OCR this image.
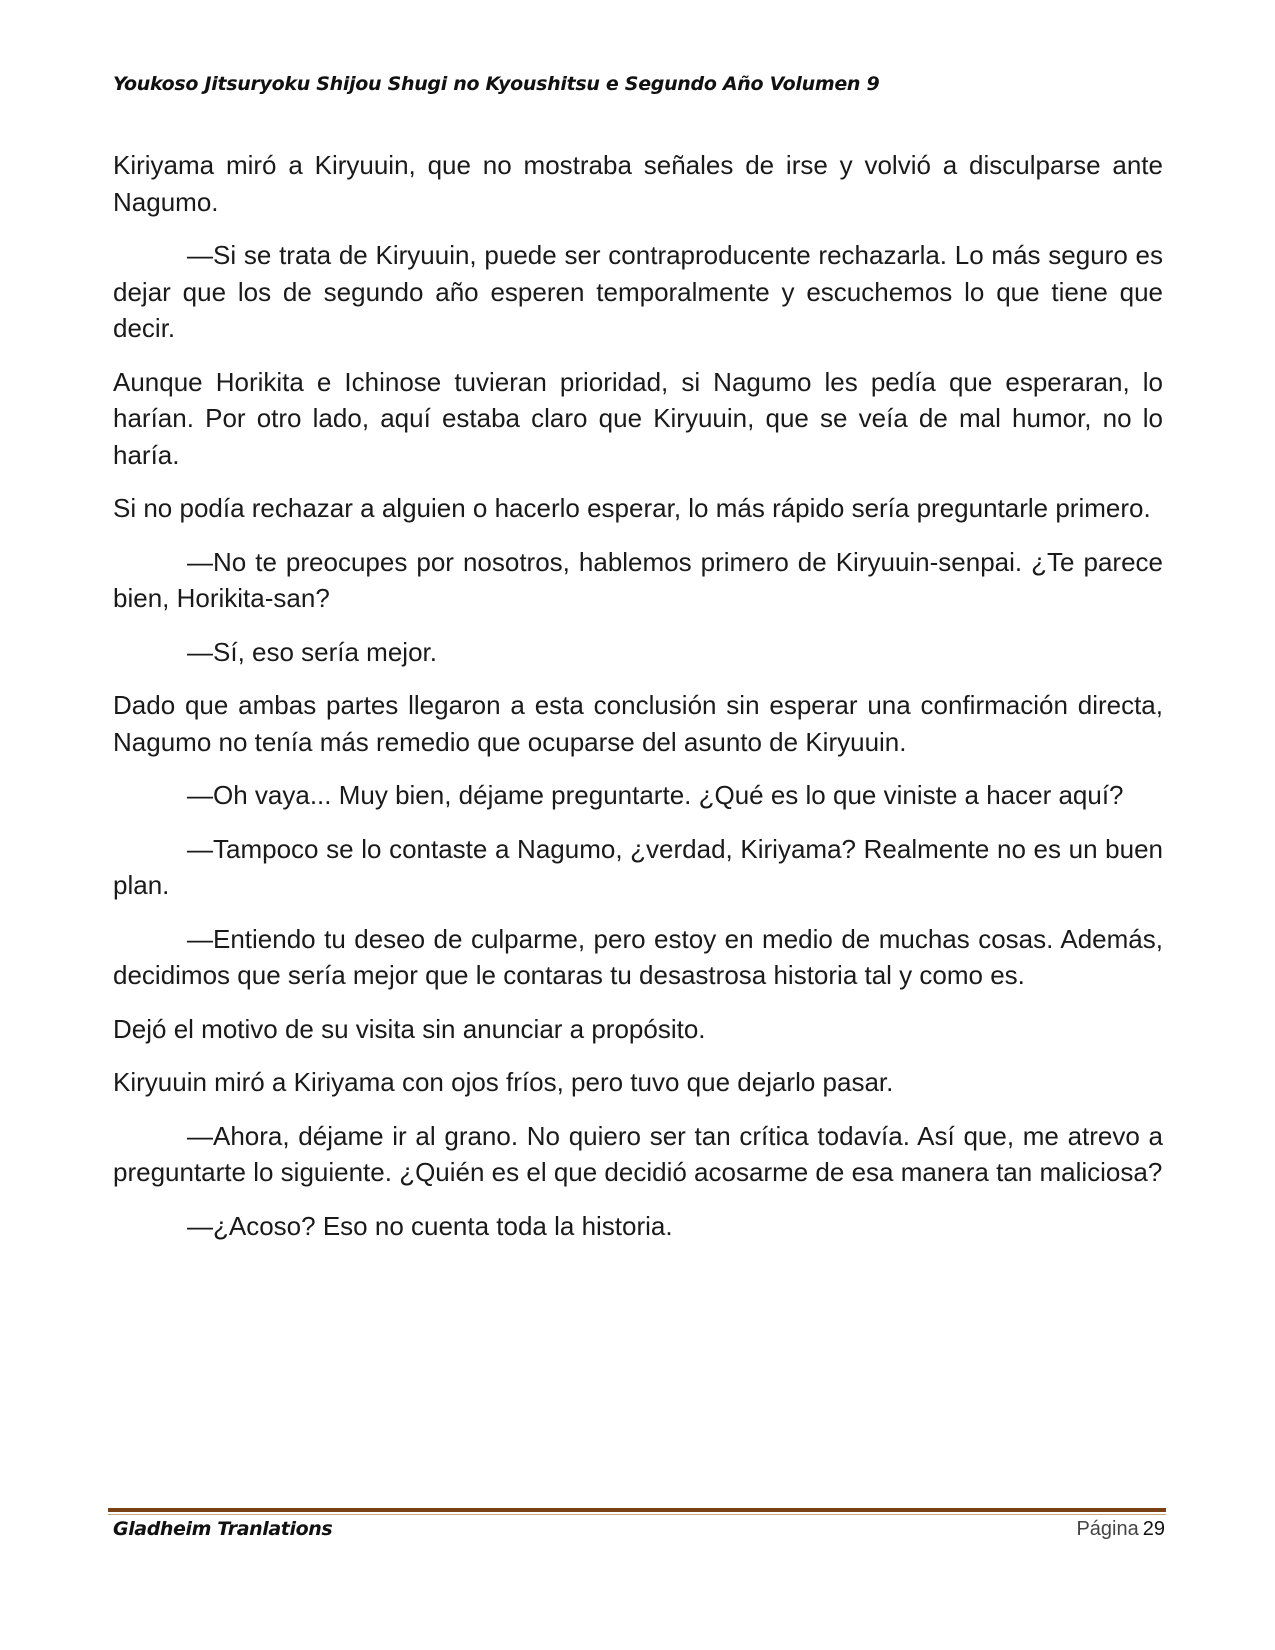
Youkoso Jitsuryoku Shijou Shugi no Kyoushitsu e Segundo Año Volumen 9

Kiriyama miró a Kiryuuin, que no mostraba señales de irse y volvió a disculparse ante Nagumo.

—Si se trata de Kiryuuin, puede ser contraproducente rechazarla. Lo más seguro es dejar que los de segundo año esperen temporalmente y escuchemos lo que tiene que decir.

Aunque Horikita e Ichinose tuvieran prioridad, si Nagumo les pedía que esperaran, lo harían. Por otro lado, aquí estaba claro que Kiryuuin, que se veía de mal humor, no lo haría.

Si no podía rechazar a alguien o hacerlo esperar, lo más rápido sería preguntarle primero.

—No te preocupes por nosotros, hablemos primero de Kiryuuin-senpai. ¿Te parece bien, Horikita-san?

—Sí, eso sería mejor.

Dado que ambas partes llegaron a esta conclusión sin esperar una confirmación directa, Nagumo no tenía más remedio que ocuparse del asunto de Kiryuuin.

—Oh vaya... Muy bien, déjame preguntarte. ¿Qué es lo que viniste a hacer aquí?

—Tampoco se lo contaste a Nagumo, ¿verdad, Kiriyama? Realmente no es un buen plan.

—Entiendo tu deseo de culparme, pero estoy en medio de muchas cosas. Además, decidimos que sería mejor que le contaras tu desastrosa historia tal y como es.

Dejó el motivo de su visita sin anunciar a propósito.

Kiryuuin miró a Kiriyama con ojos fríos, pero tuvo que dejarlo pasar.

—Ahora, déjame ir al grano. No quiero ser tan crítica todavía. Así que, me atrevo a preguntarte lo siguiente. ¿Quién es el que decidió acosarme de esa manera tan maliciosa?

—¿Acoso? Eso no cuenta toda la historia.

Gladheim Tranlations	Página 29
